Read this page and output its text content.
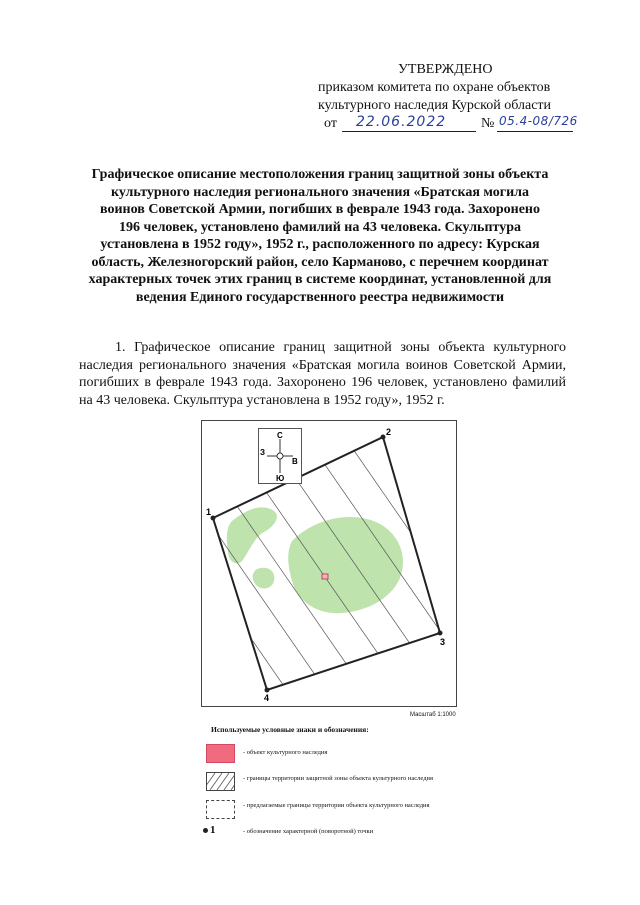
УТВЕРЖДЕНО
приказом комитета по охране объектов
культурного наследия Курской области
от 22.06.2022 № 05.4-08/726
Графическое описание местоположения границ защитной зоны объекта культурного наследия регионального значения «Братская могила воинов Советской Армии, погибших в феврале 1943 года. Захоронено 196 человек, установлено фамилий на 43 человека. Скульптура установлена в 1952 году», 1952 г., расположенного по адресу: Курская область, Железногорский район, село Карманово, с перечнем координат характерных точек этих границ в системе координат, установленной для ведения Единого государственного реестра недвижимости
1. Графическое описание границ защитной зоны объекта культурного наследия регионального значения «Братская могила воинов Советской Армии, погибших в феврале 1943 года. Захоронено 196 человек, установлено фамилий на 43 человека. Скульптура установлена в 1952 году», 1952 г.
1
2
3
4
С
Ю
З
В
Масштаб 1:1000
Используемые условные знаки и обозначения:
- объект культурного наследия
- границы территории защитной зоны объекта культурного наследия
- предлагаемые границы территории объекта культурного наследия
1	- обозначение характерной (поворотной) точки
